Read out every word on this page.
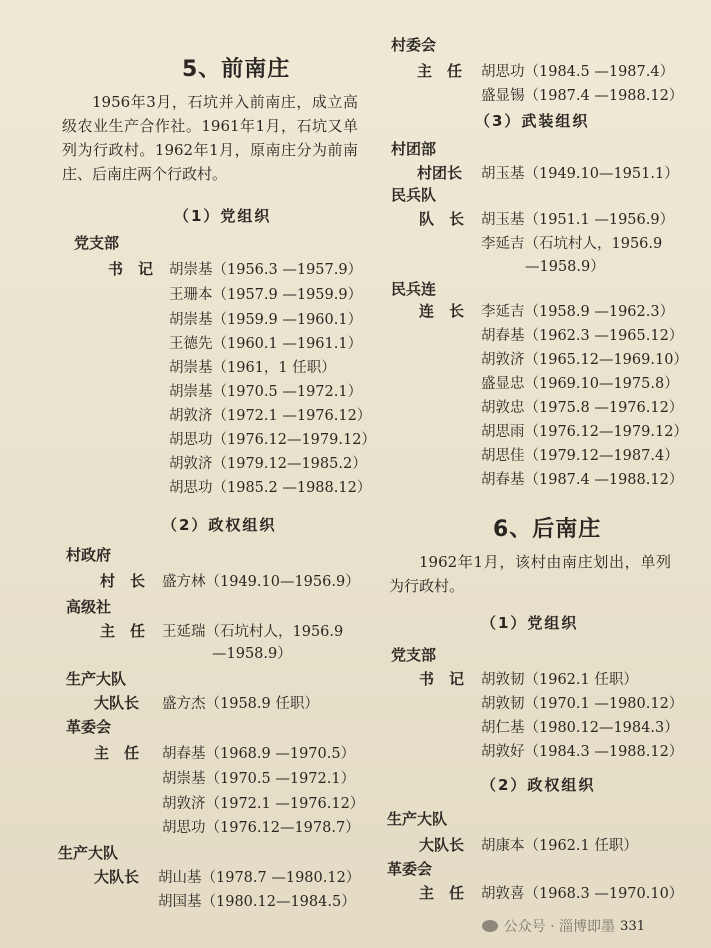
5、前南庄
1956年3月，石坑并入前南庄，成立高级农业生产合作社。1961年1月，石坑又单列为行政村。1962年1月，原南庄分为前南庄、后南庄两个行政村。
（1）党组织
党支部
书　记 胡崇基（1956.3 —1957.9）
王珊本（1957.9 —1959.9）
胡崇基（1959.9 —1960.1）
王德先（1960.1 —1961.1）
胡崇基（1961，1 任职）
胡崇基（1970.5 —1972.1）
胡敦济（1972.1 —1976.12）
胡思功（1976.12—1979.12）
胡敦济（1979.12—1985.2）
胡思功（1985.2 —1988.12）
（2）政权组织
村政府
村　长 盛方林（1949.10—1956.9）
高级社
主　任 王延瑞（石坑村人，1956.9
—1958.9）
生产大队
大队长 盛方杰（1958.9 任职）
革委会
主　任 胡春基（1968.9 —1970.5）
胡崇基（1970.5 —1972.1）
胡敦济（1972.1 —1976.12）
胡思功（1976.12—1978.7）
生产大队
大队长 胡山基（1978.7 —1980.12）
胡国基（1980.12—1984.5）
村委会
主　任 胡思功（1984.5 —1987.4）
盛显锡（1987.4 —1988.12）
（3）武装组织
村团部
村团长 胡玉基（1949.10—1951.1）
民兵队
队　长 胡玉基（1951.1 —1956.9）
李延吉（石坑村人，1956.9
—1958.9）
民兵连
连　长 李延吉（1958.9 —1962.3）
胡春基（1962.3 —1965.12）
胡敦济（1965.12—1969.10）
盛显忠（1969.10—1975.8）
胡敦忠（1975.8 —1976.12）
胡思雨（1976.12—1979.12）
胡思佳（1979.12—1987.4）
胡春基（1987.4 —1988.12）
6、后南庄
1962年1月，该村由南庄划出，单列为行政村。
（1）党组织
党支部
书　记 胡敦韧（1962.1 任职）
胡敦韧（1970.1 —1980.12）
胡仁基（1980.12—1984.3）
胡敦好（1984.3 —1988.12）
（2）政权组织
生产大队
大队长 胡康本（1962.1 任职）
革委会
主　任 胡敦喜（1968.3 —1970.10）
公众号 · 淄博即墨 331
